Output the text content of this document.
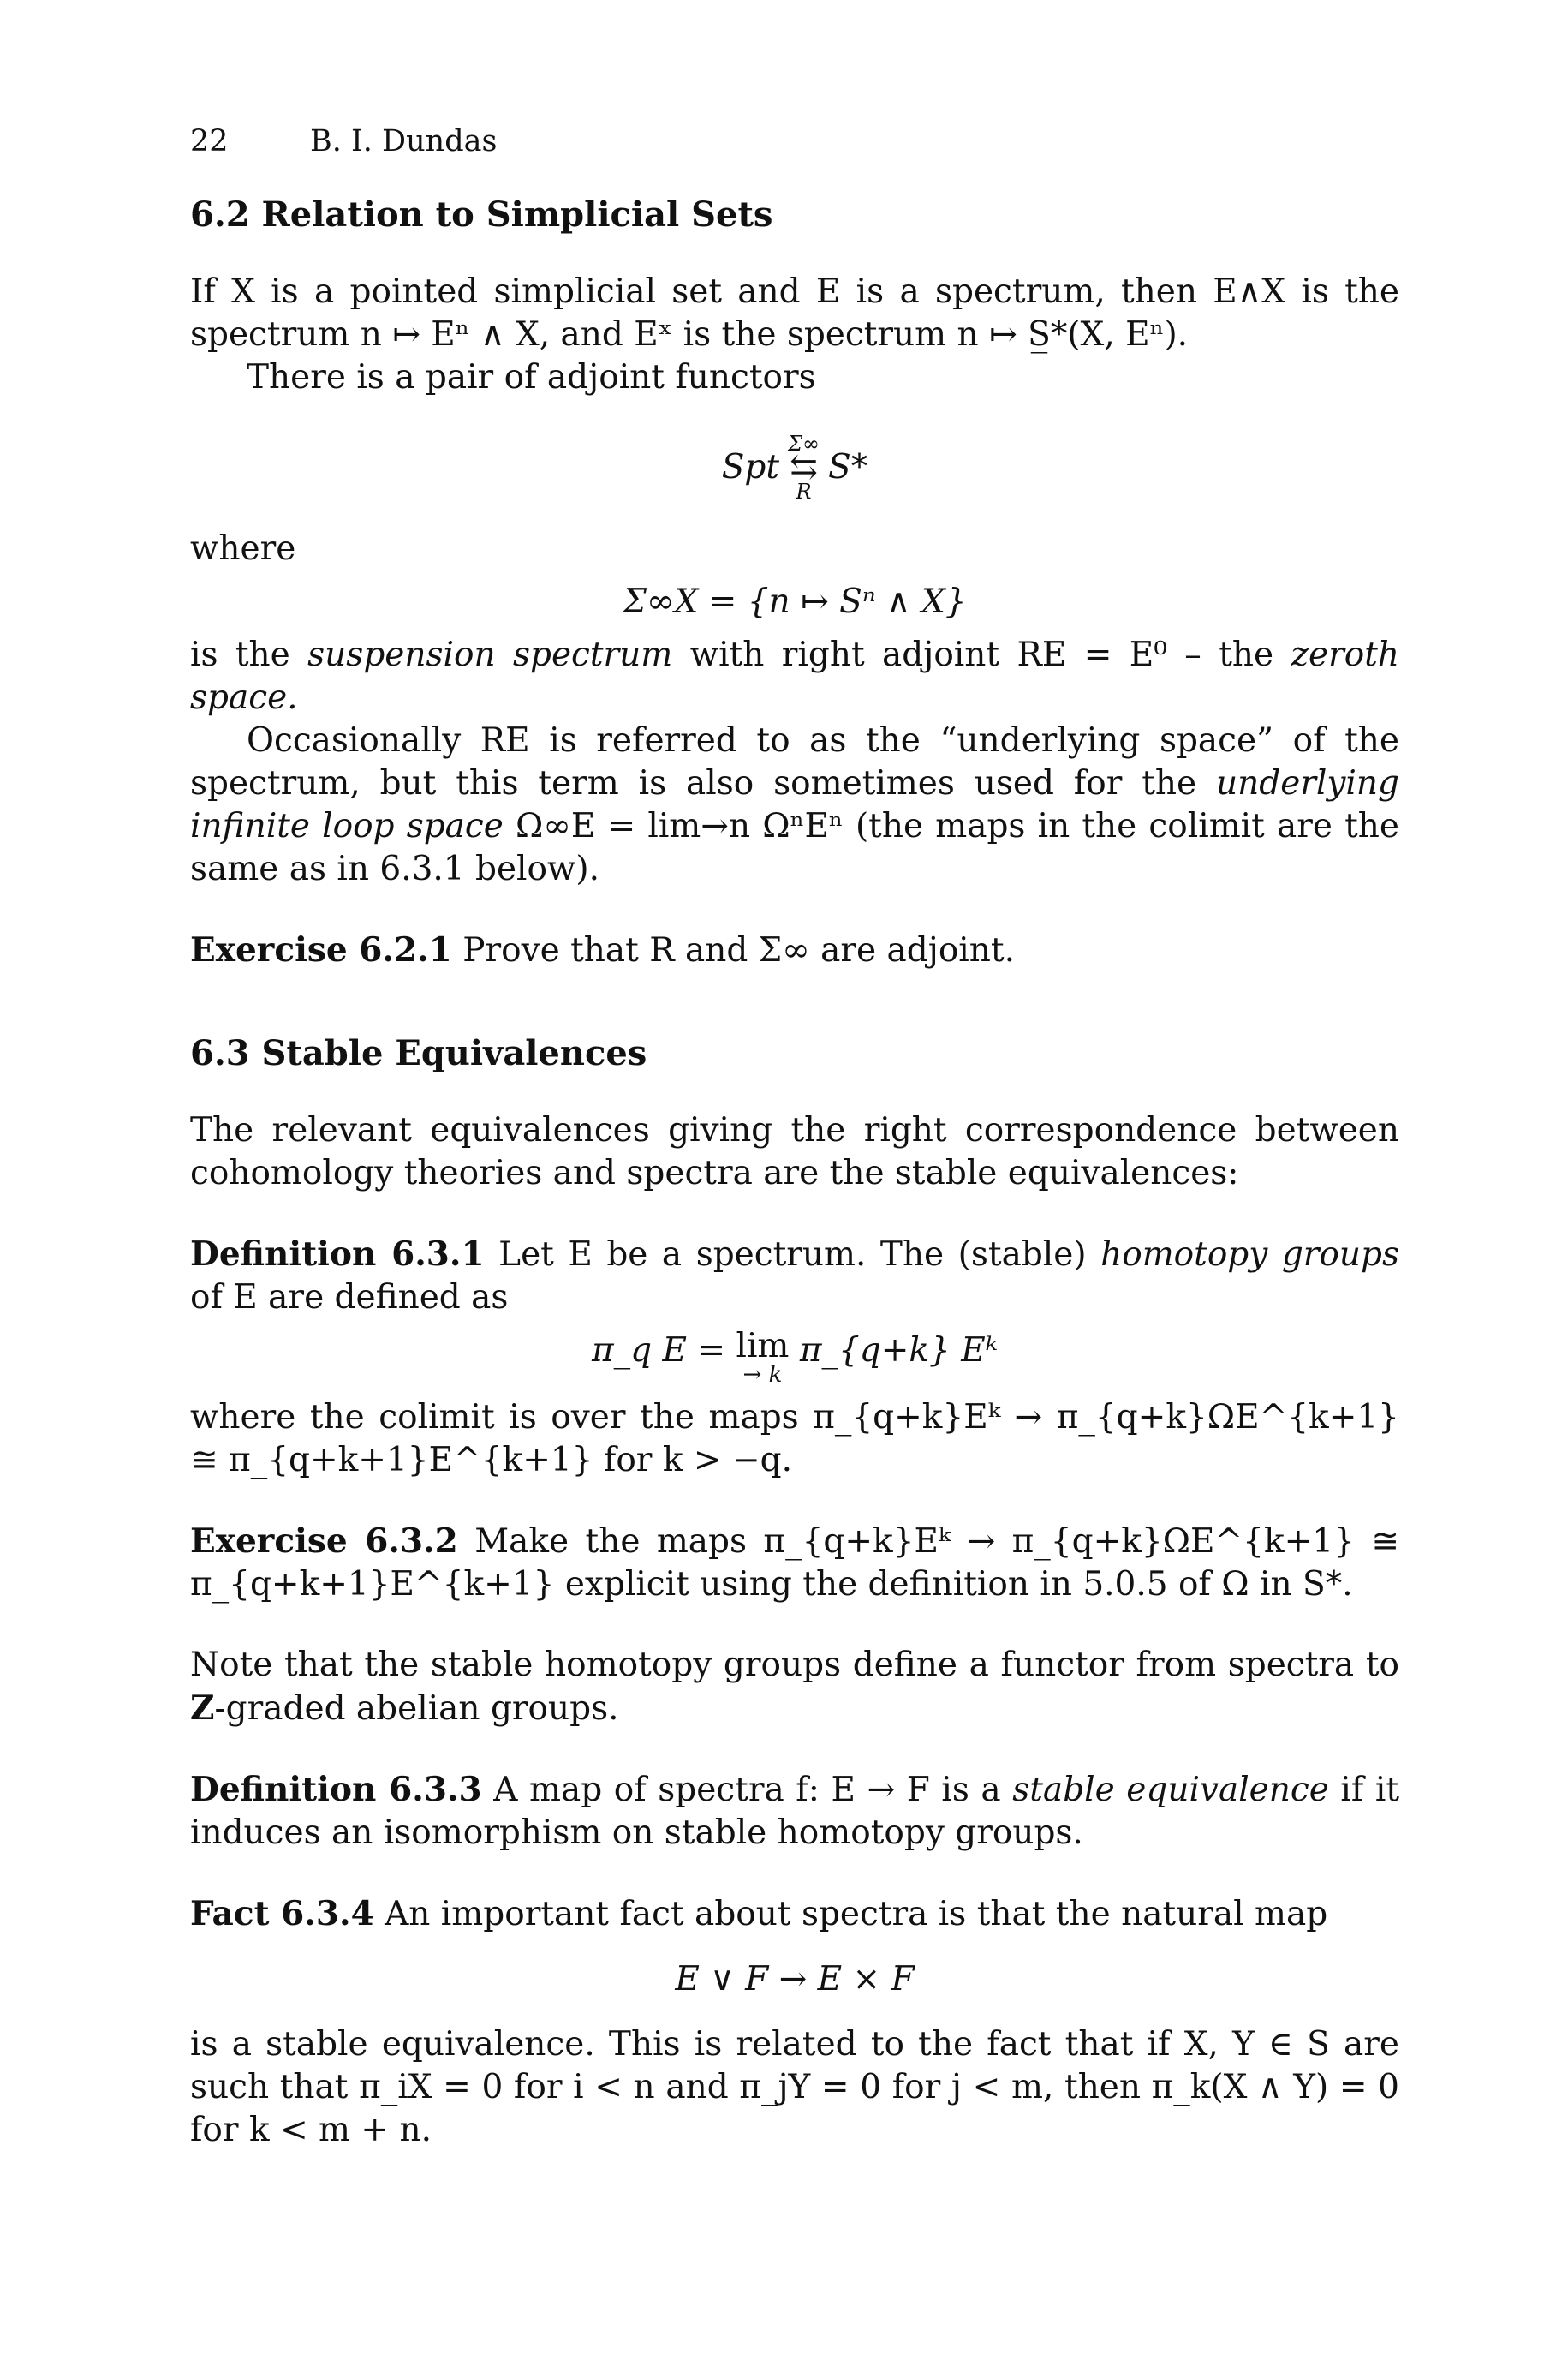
22	B. I. Dundas
6.2 Relation to Simplicial Sets

If X is a pointed simplicial set and E is a spectrum, then E∧X is the spectrum n ↦ Eⁿ ∧ X, and Eˣ is the spectrum n ↦ S̲*(X, Eⁿ).

There is a pair of adjoint functors

Spt
Σ∞
⇆
R
S*

where

Σ∞X = {n ↦ Sⁿ ∧ X}

is the suspension spectrum with right adjoint RE = E⁰ – the zeroth space.

Occasionally RE is referred to as the “underlying space” of the spectrum, but this term is also sometimes used for the underlying infinite loop space Ω∞E = lim→n ΩⁿEⁿ (the maps in the colimit are the same as in 6.3.1 below).

Exercise 6.2.1 Prove that R and Σ∞ are adjoint.

6.3 Stable Equivalences

The relevant equivalences giving the right correspondence between cohomology theories and spectra are the stable equivalences:

Definition 6.3.1 Let E be a spectrum. The (stable) homotopy groups of E are defined as

π_q E = lim
→ k
π_{q+k} Eᵏ

where the colimit is over the maps π_{q+k}Eᵏ → π_{q+k}ΩE^{k+1} ≅ π_{q+k+1}E^{k+1} for k > −q.

Exercise 6.3.2 Make the maps π_{q+k}Eᵏ → π_{q+k}ΩE^{k+1} ≅ π_{q+k+1}E^{k+1} explicit using the definition in 5.0.5 of Ω in S*.

Note that the stable homotopy groups define a functor from spectra to Z-graded abelian groups.

Definition 6.3.3 A map of spectra f: E → F is a stable equivalence if it induces an isomorphism on stable homotopy groups.

Fact 6.3.4 An important fact about spectra is that the natural map

E ∨ F → E × F

is a stable equivalence. This is related to the fact that if X, Y ∈ S are such that π_iX = 0 for i < n and π_jY = 0 for j < m, then π_k(X ∧ Y) = 0 for k < m + n.
